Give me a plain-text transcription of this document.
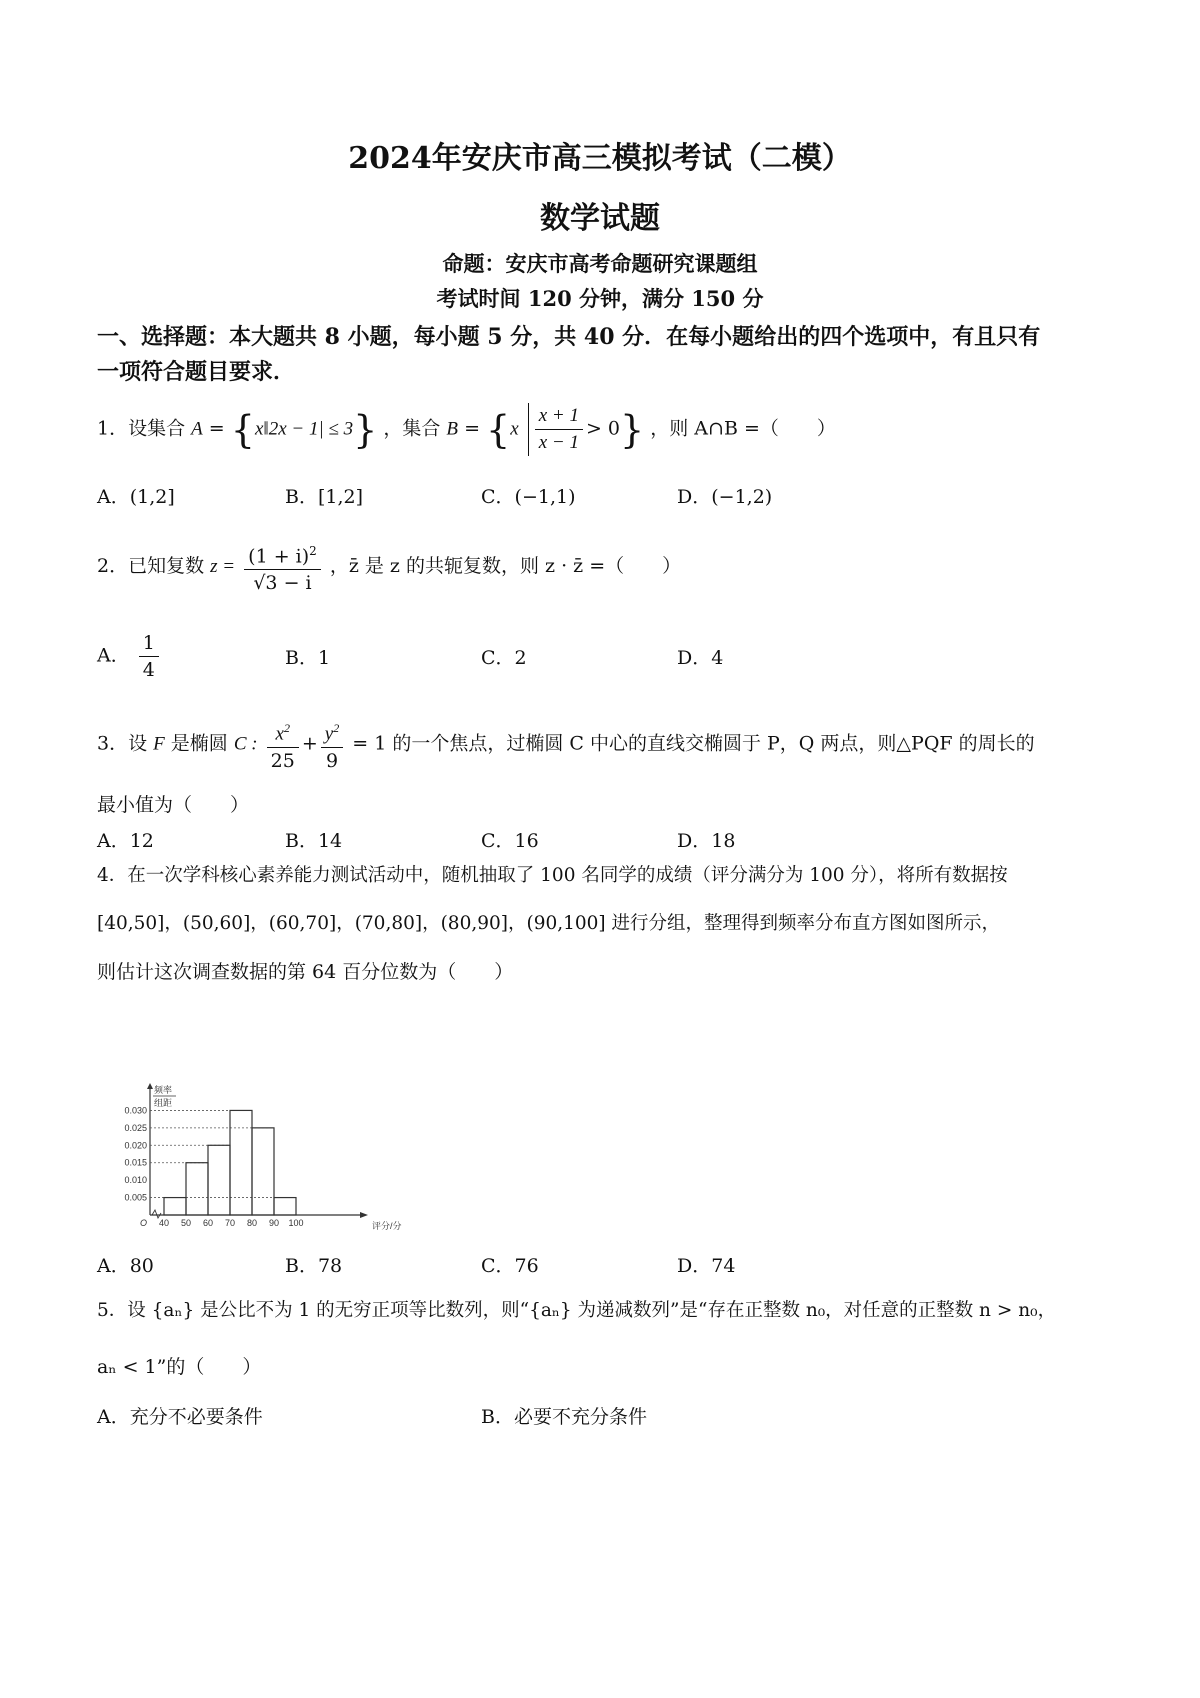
2024年安庆市高三模拟考试（二模）
数学试题
命题：安庆市高考命题研究课题组
考试时间 120 分钟，满分 150 分
一、选择题：本大题共 8 小题，每小题 5 分，共 40 分．在每小题给出的四个选项中，有且只有
一项符合题目要求．
1．设集合 A = {x‖2x − 1| ≤ 3} ，集合 $B = \{x \frac{x + 1}{x - 1} > 0\}$ ，则 A∩B =（　　）
A．(1,2]	B．[1,2]	C．(−1,1)	D．(−1,2)
2．已知复数 $z = \frac{(1 + i)^2}{√3 - i}$ ，z̄ 是 z 的共轭复数，则 z · z̄ =（　　）
A． $\frac{1}{4}$	B．1	C．2	D．4
3．设 F 是椭圆 C : $\frac{x^2}{25} + \frac{y^2}{9} = 1$ 的一个焦点，过椭圆 C 中心的直线交椭圆于 P，Q 两点，则△PQF 的周长的
最小值为（　　）
A．12	B．14	C．16	D．18
4．在一次学科核心素养能力测试活动中，随机抽取了 100 名同学的成绩（评分满分为 100 分），将所有数据按
[40,50]，(50,60]，(60,70]，(70,80]，(80,90]，(90,100] 进行分组，整理得到频率分布直方图如图所示，
则估计这次调查数据的第 64 百分位数为（　　）
频率
组距
0.005
0.010
0.015
0.020
0.025
0.030
40 50 60 70 80 90 100
O	评分/分
A．80	B．78	C．76	D．74
5．设 {aₙ} 是公比不为 1 的无穷正项等比数列，则“{aₙ} 为递减数列”是“存在正整数 n₀，对任意的正整数 n > n₀，
aₙ < 1”的（　　）
A．充分不必要条件	B．必要不充分条件
